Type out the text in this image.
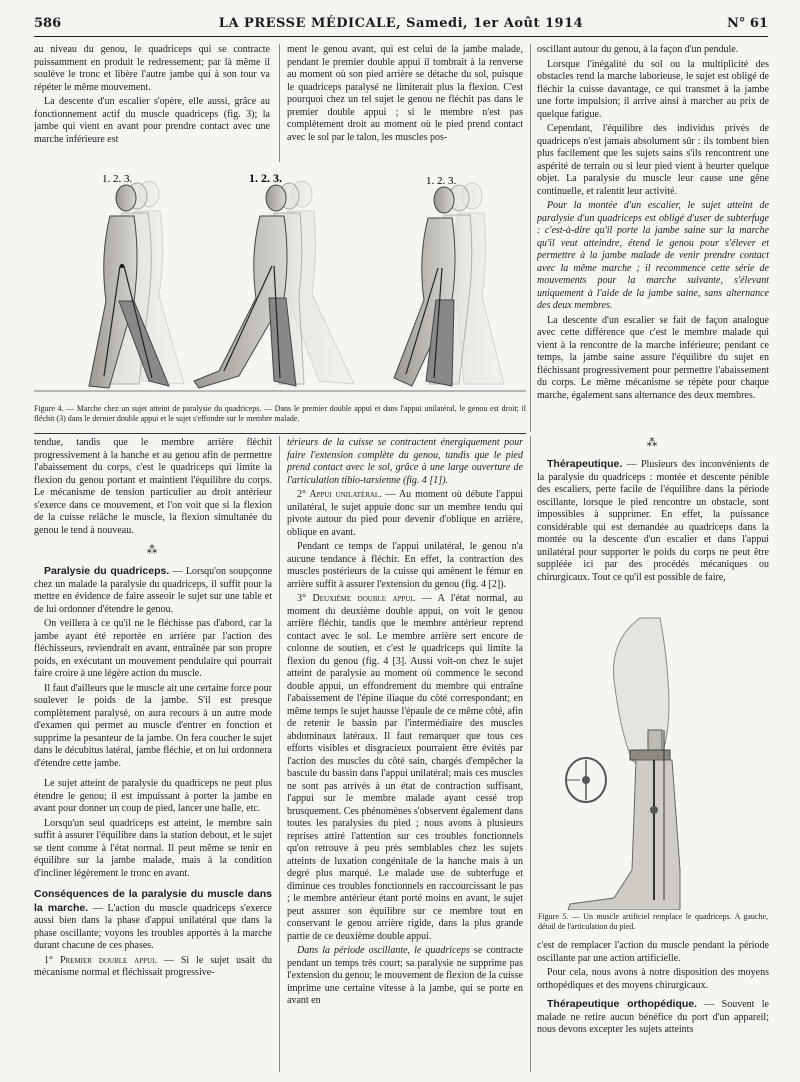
586	LA PRESSE MÉDICALE, Samedi, 1er Août 1914	N° 61

au niveau du genou, le quadriceps qui se contracte puissamment en produit le redressement; par là même il soulève le tronc et libère l'autre jambe qui à son tour va répéter le même mouvement.

La descente d'un escalier s'opère, elle aussi, grâce au fonctionnement actif du muscle quadriceps (fig. 3); la jambe qui vient en avant pour prendre contact avec une marche inférieure est

ment le genou avant, qui est celui de la jambe malade, pendant le premier double appui il tombrait à la renverse au moment où son pied arrière se détache du sol, puisque le quadriceps paralysé ne limiterait plus la flexion. C'est pourquoi chez un tel sujet le genou ne fléchit pas dans le premier double appui ; si le membre n'est pas complètement droit au moment où le pied prend contact avec le sol par le talon, les muscles pos-

oscillant autour du genou, à la façon d'un pendule.

Lorsque l'inégalité du sol ou la multiplicité des obstacles rend la marche laborieuse, le sujet est obligé de fléchir la cuisse davantage, ce qui transmet à la jambe une forte impulsion; il arrive ainsi à marcher au prix de quelque fatigue.

Cependant, l'équilibre des individus privés de quadriceps n'est jamais absolument sûr : ils tombent bien plus facilement que les sujets sains s'ils rencontrent une aspérité de terrain ou si leur pied vient à heurter quelque objet. La paralysie du muscle leur cause une gêne continuelle, et ralentit leur activité.

Pour la montée d'un escalier, le sujet atteint de paralysie d'un quadriceps est obligé d'user de subterfuge : c'est-à-dire qu'il porte la jambe saine sur la marche qu'il veut atteindre, étend le genou pour s'élever et permettre à la jambe malade de venir prendre contact avec la même marche ; il recommence cette série de mouvements pour la marche suivante, s'élevant uniquement à l'aide de la jambe saine, sans alternance des deux membres.

La descente d'un escalier se fait de façon analogue avec cette différence que c'est le membre malade qui vient à la rencontre de la marche inférieure; pendant ce temps, la jambe saine assure l'équilibre du sujet en fléchissant progressivement pour permettre l'abaissement du corps. Le même mécanisme se répète pour chaque marche, également sans alternance des deux membres.

1. 2. 3.	1. 2. 3.	1. 2. 3.
Figure 4. — Marche chez un sujet atteint de paralysie du quadriceps. — Dans le premier double appui et dans l'appui unilatéral, le genou est droit; il fléchit (3) dans le dernier double appui et le sujet s'effondre sur le membre malade.

tendue, tandis que le membre arrière fléchit progressivement à la hanche et au genou afin de permettre l'abaissement du corps, c'est le quadriceps qui limite la flexion du genou portant et maintient l'équilibre du corps. Le mécanisme de tension particulier au droit antérieur s'exerce dans ce mouvement, et l'on voit que si la flexion de la cuisse relâche le muscle, la flexion simultanée du genou le tend à nouveau.

⁂

Paralysie du quadriceps. — Lorsqu'on soupçonne chez un malade la paralysie du quadriceps, il suffit pour la mettre en évidence de faire asseoir le sujet sur une table et de lui ordonner d'étendre le genou.

On veillera à ce qu'il ne le fléchisse pas d'abord, car la jambe ayant été reportée en arrière par l'action des fléchisseurs, reviendrait en avant, entraînée par son propre poids, en exécutant un mouvement pendulaire qui pourrait faire croire à une légère action du muscle.

Il faut d'ailleurs que le muscle ait une certaine force pour soulever le poids de la jambe. S'il est presque complètement paralysé, on aura recours à un autre mode d'examen qui permet au muscle d'entrer en fonction et supprime la pesanteur de la jambe. On fera coucher le sujet dans le décubitus latéral, jambe fléchie, et on lui ordonnera d'étendre cette jambe.

Le sujet atteint de paralysie du quadriceps ne peut plus étendre le genou; il est impuissant à porter la jambe en avant pour donner un coup de pied, lancer une balle, etc.

Lorsqu'un seul quadriceps est atteint, le membre sain suffit à assurer l'équilibre dans la station debout, et le sujet se tient comme à l'état normal. Il peut même se tenir en équilibre sur la jambe malade, mais à la condition d'incliner légèrement le tronc en avant.

Conséquences de la paralysie du muscle dans la marche. — L'action du muscle quadriceps s'exerce aussi bien dans la phase d'appui unilatéral que dans la phase oscillante; voyons les troubles apportés à la marche durant chacune de ces phases.

1° Premier double appui. — Si le sujet usait du mécanisme normal et fléchissait progressive-

térieurs de la cuisse se contractent énergiquement pour faire l'extension complète du genou, tandis que le pied prend contact avec le sol, grâce à une large ouverture de l'articulation tibio-tarsienne (fig. 4 [1]).

2° Appui unilatéral. — Au moment où débute l'appui unilatéral, le sujet appuie donc sur un membre tendu qui pivote autour du pied pour devenir d'oblique en arrière, oblique en avant.

Pendant ce temps de l'appui unilatéral, le genou n'a aucune tendance à fléchir. En effet, la contraction des muscles postérieurs de la cuisse qui amènent le fémur en arrière suffit à assurer l'extension du genou (fig. 4 [2]).

3° Deuxième double appui. — A l'état normal, au moment du deuxième double appui, on voit le genou arrière fléchir, tandis que le membre antérieur reprend contact avec le sol. Le membre arrière sert encore de colonne de soutien, et c'est le quadriceps qui limite la flexion du genou (fig. 4 [3]. Aussi voit-on chez le sujet atteint de paralysie au moment où commence le second double appui, un effondrement du membre qui entraîne l'abaissement de l'épine iliaque du côté correspondant; en même temps le sujet hausse l'épaule de ce même côté, afin de retenir le bassin par l'intermédiaire des muscles abdominaux latéraux. Il faut remarquer que tous ces efforts visibles et disgracieux pourraient être évités par l'action des muscles du côté sain, chargés d'empêcher la bascule du bassin dans l'appui unilatéral; mais ces muscles ne sont pas arrivés à un état de contraction suffisant, l'appui sur le membre malade ayant cessé trop brusquement. Ces phénomènes s'observent également dans toutes les paralysies du pied ; nous avons à plusieurs reprises attiré l'attention sur ces troubles fonctionnels qu'on retrouve à peu près semblables chez les sujets atteints de luxation congénitale de la hanche mais à un degré plus marqué. Le malade use de subterfuge et diminue ces troubles fonctionnels en raccourcissant le pas ; le membre antérieur étant porté moins en avant, le sujet peut assurer son équilibre sur ce membre tout en conservant le genou arrière rigide, dans la plus grande partie de ce deuxième double appui.

Dans la période oscillante, le quadriceps se contracte pendant un temps très court; sa paralysie ne supprime pas l'extension du genou; le mouvement de flexion de la cuisse imprime une certaine vitesse à la jambe, qui se porte en avant en

⁂

Thérapeutique. — Plusieurs des inconvénients de la paralysie du quadriceps : montée et descente pénible des escaliers, perte facile de l'équilibre dans la période oscillante, lorsque le pied rencontre un obstacle, sont impossibles à supprimer. En effet, la puissance considérable qui est demandée au quadriceps dans la montée ou la descente d'un escalier et dans l'appui unilatéral pour supporter le poids du corps ne peut être suppléée ici par des procédés mécaniques ou chirurgicaux. Tout ce qu'il est possible de faire,

Figure 5. — Un muscle artificiel remplace le quadriceps. A gauche, détail de l'articulation du pied.

c'est de remplacer l'action du muscle pendant la période oscillante par une action artificielle.

Pour cela, nous avons à notre disposition des moyens orthopédiques et des moyens chirurgicaux.

Thérapeutique orthopédique. — Souvent le malade ne retire aucun bénéfice du port d'un appareil; nous devons excepter les sujets atteints
